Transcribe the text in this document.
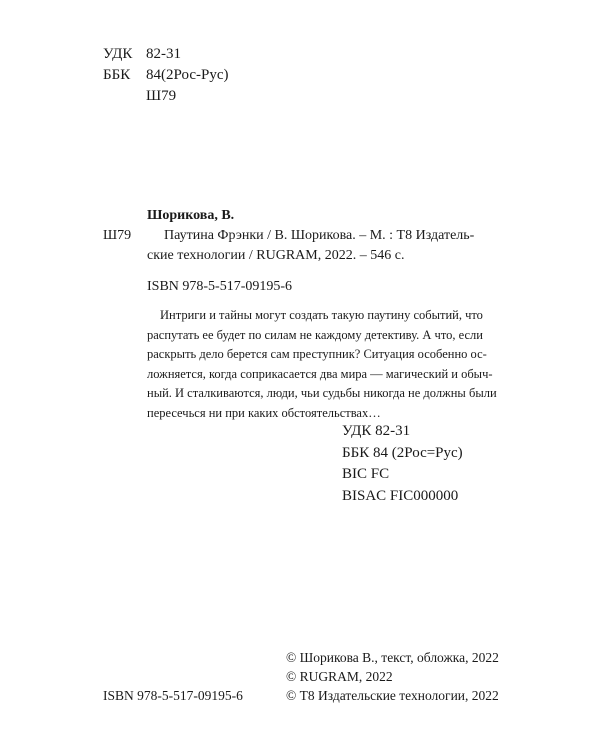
УДК 82-31
ББК 84(2Рос-Рус)
Ш79
Шорикова, В.
Ш79 Паутина Фрэнки / В. Шорикова. – М. : Т8 Издатель-
ские технологии / RUGRAM, 2022. – 546 с.
ISBN 978-5-517-09195-6
Интриги и тайны могут создать такую паутину событий, что
распутать ее будет по силам не каждому детективу. А что, если
раскрыть дело берется сам преступник? Ситуация особенно ос-
ложняется, когда соприкасается два мира — магический и обыч-
ный. И сталкиваются, люди, чьи судьбы никогда не должны были
пересечься ни при каких обстоятельствах…
УДК 82-31
ББК 84 (2Рос=Рус)
BIC FC
BISAC FIC000000
ISBN 978-5-517-09195-6
© Шорикова В., текст, обложка, 2022
© RUGRAM, 2022
© Т8 Издательские технологии, 2022
